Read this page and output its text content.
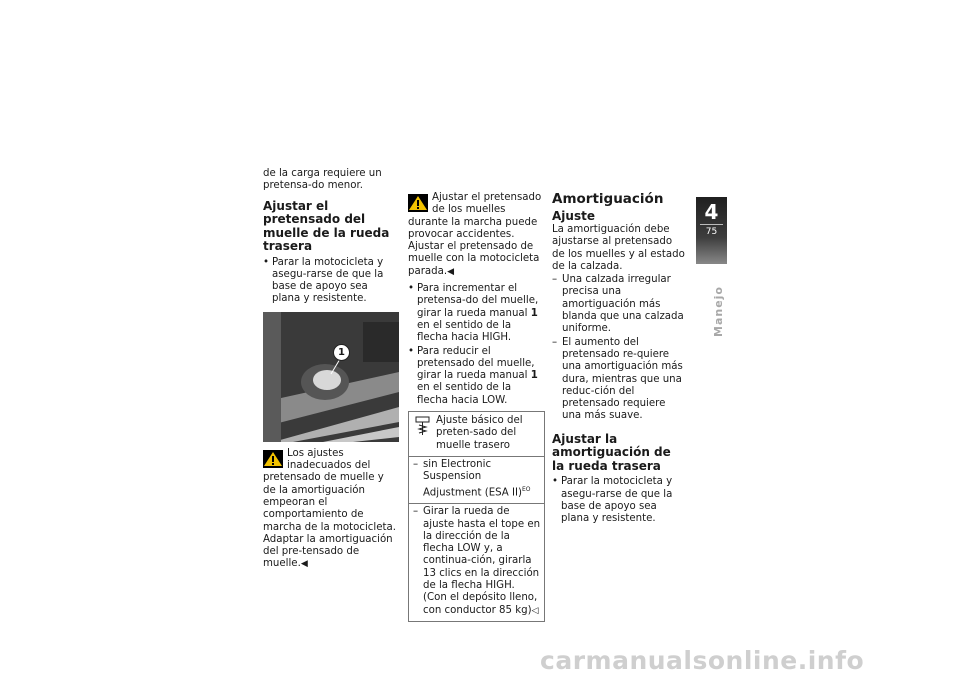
de la carga requiere un pretensa-do menor.

Ajustar el pretensado del muelle de la rueda trasera
• Parar la motocicleta y asegu-rarse de que la base de apoyo sea plana y resistente.
1
Los ajustes inadecuados del pretensado de muelle y de la amortiguación empeoran el comportamiento de marcha de la motocicleta.
Adaptar la amortiguación del pre-tensado de muelle.◀
Ajustar el pretensado de los muelles durante la marcha puede provocar accidentes.
Ajustar el pretensado de muelle con la motocicleta parada.◀
• Para incrementar el pretensa-do del muelle, girar la rueda manual 1 en el sentido de la flecha hacia HIGH.
• Para reducir el pretensado del muelle, girar la rueda manual 1 en el sentido de la flecha hacia LOW.
Ajuste básico del preten-sado del muelle trasero
– sin Electronic Suspension Adjustment (ESA II)$^{EO}$
– Girar la rueda de ajuste hasta el tope en la dirección de la flecha LOW y, a continua-ción, girarla 13 clics en la dirección de la flecha HIGH. (Con el depósito lleno, con conductor 85 kg)◁
Amortiguación
Ajuste

La amortiguación debe ajustarse al pretensado de los muelles y al estado de la calzada.

– Una calzada irregular precisa una amortiguación más blanda que una calzada uniforme.
– El aumento del pretensado re-quiere una amortiguación más dura, mientras que una reduc-ción del pretensado requiere una más suave.
Ajustar la amortiguación de la rueda trasera
• Parar la motocicleta y asegu-rarse de que la base de apoyo sea plana y resistente.
4
75
Manejo
carmanualsonline.info
